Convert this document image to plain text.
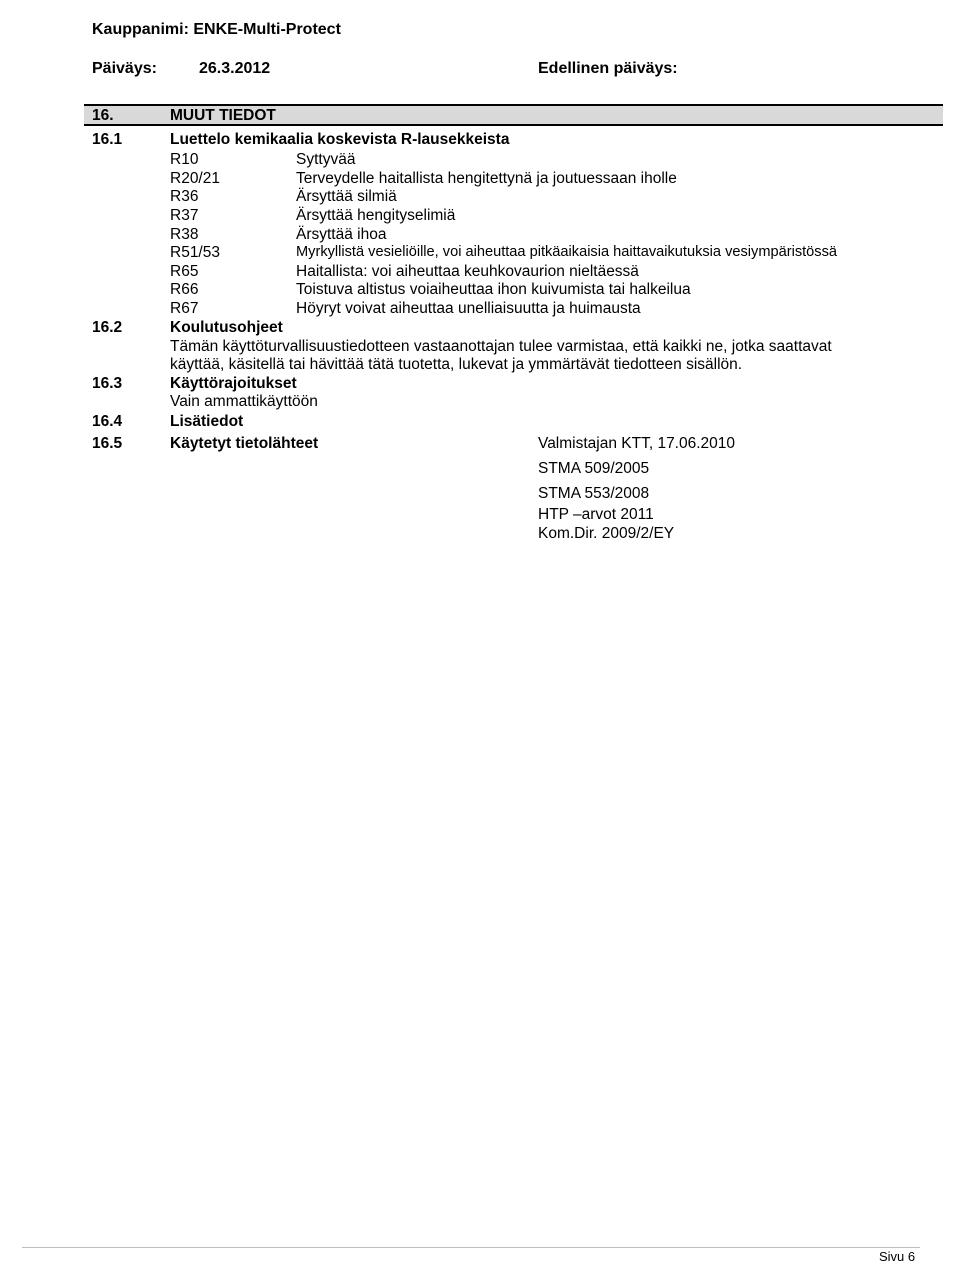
Kauppanimi: ENKE-Multi-Protect
Päiväys:	26.3.2012	Edellinen päiväys:
16.	MUUT TIEDOT
16.1	Luettelo kemikaalia koskevista R-lausekkeista
R10	Syttyvää
R20/21	Terveydelle haitallista hengitettynä ja joutuessaan iholle
R36	Ärsyttää silmiä
R37	Ärsyttää hengityselimiä
R38	Ärsyttää ihoa
R51/53	Myrkyllistä vesieliöille, voi aiheuttaa pitkäaikaisia haittavaikutuksia vesiympäristössä
R65	Haitallista: voi aiheuttaa keuhkovaurion nieltäessä
R66	Toistuva altistus voiaiheuttaa ihon kuivumista tai halkeilua
R67	Höyryt voivat aiheuttaa unelliaisuutta ja huimausta
16.2	Koulutusohjeet
Tämän käyttöturvallisuustiedotteen vastaanottajan tulee varmistaa, että kaikki ne, jotka saattavat
käyttää, käsitellä tai hävittää tätä tuotetta, lukevat ja ymmärtävät tiedotteen sisällön.
16.3	Käyttörajoitukset
Vain ammattikäyttöön
16.4	Lisätiedot
16.5	Käytetyt tietolähteet	Valmistajan KTT, 17.06.2010
STMA 509/2005
STMA 553/2008
HTP –arvot 2011
Kom.Dir. 2009/2/EY
Sivu 6
